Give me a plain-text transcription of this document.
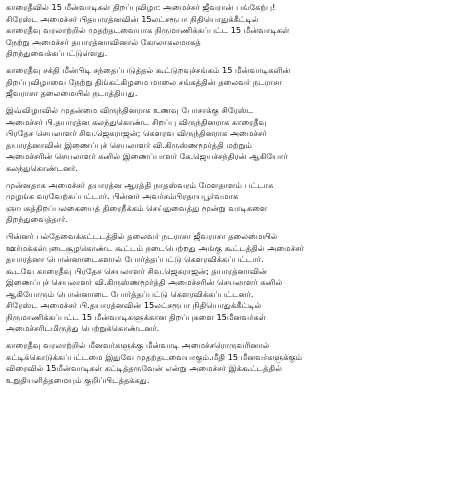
காரைதீவில் 15 மீன்வாடிகள் திறப்புவிழா: அமைச்சர் ஜீவரான் பங்கேற்பு!
சிரேஸ்ட அமைச்சர் பிதயாரத்னவின் 15லட்சரூபா நிதியொதுக்கீட்டில்
காரைதீவு வரலாற்றில் முதற்தடவையாக நிருமாணிக்கப்பட்ட 15 மீன்வாடிகள்
நேற்று அமைச்சர் தயாரத்னாவினால் கோலாகலமாகத்
திறந்துவைக்கப்பட்டுள்ளது.
காரைதீவு சக்தி மீன்பிடி சந்தைப்படுத்தல் கூட்டுறவுச்சங்கம் 15 மீன்வாடிகளின்
திறப்புவிழாவை நேற்று திங்கட்கிழமை மாலை சங்கத்தின் தலைவர் நடராசா
ஜீவராசா தலைமையில் நடாத்தியது.
இவ்விழாவில் முதன்மை விருந்தினராக உணவு போசாக்கு சிரேஸ்ட
அமைச்சர் பி.தயாரத்ன கலந்துகொண்ட சிறப்பு விருந்தினராக காரைதீவு
பிரதேச செயலாளர் சிவ.ஜெகராஜன்; கௌரவ விருந்தினராக அமைச்சர்
தயாரத்னாவின் இணைப்புச் செயலாளர் வி.கிருஸ்ணமூர்த்தி மற்றும்
அமைச்சரின் செயலாளர் சுனில் இணைப்பாளர் கே.ஜெயச்சந்திரன் ஆகியோர்
கலந்துகொண்டனர்.
முன்னதாக அமைச்சர் தயாரத்ன ஆரத்தி நாதஸ்வரம் மேளதாளம் பட்டாசு
முழங்க வரவேற்கப்பட்டார். பின்னர் அவர்சம்பிரதாயபூர்வமாக
ஞாபகத்திறப்பலகையைத் திரைநீக்கம் செய்துவைத்து மூன்று வாடிகளை
திறந்துவைத்தார்.
பின்னர் பல்தேவைக்கட்டடத்தில் தலைவர் நடராசா ஜீவராசா தலைமையில்
ஊர்மக்கள்புடைசூழகொண்ட கூட்டம் நடைபெற்றது அங்கு கூட்டத்தில் அமைச்சர்
தயாரத்னா பொன்னாடைகளால் போர்த்தப்பட்டு கௌரவிக்கப்பட்டார்.
கூடவே காரைதீவு பிரதேச செயலாளர் சிவ.ஜெகராஜன்; தயாரத்னாவின்
இணைப்புச் செயலாளர் வி.கிருஸ்ணமூர்த்தி அமைச்சரின் செயலாளர் சுனில்
ஆகியோரும் பொன்னாடை போர்த்தப்பட்டு கௌரவிக்கப்பட்டனர்.
சிரேஸ்ட அமைச்சர் பி.தயாரத்னவின் 15லட்சரூபா நிதியொதுக்கீட்டில்
நிருமாணிக்கப்பட்ட 15 மீன்வாடிகளுக்கான திறப்புகளை 15மீனவர்கள்
அமைச்சரிடமிருந்து பெற்றுக்கொண்டனர்.
காரைதீவு வரலாற்றில் மீனவர்களுக்கு மீன்வாடி அமைச்சரொருவரினால்
கட்டிக்கொடுக்கப்பட்டமை இதுவே முதற்தடவையாகும்.மீதி 15 மீனவர்களுக்கும்
விரைவில் 15மீன்வாடிகள் கட்டித்தருவேன் என்று அமைச்சர் இக்கூட்டத்தில்
உறுதியளித்தமையும் குறிப்பிடத்தக்கது.
